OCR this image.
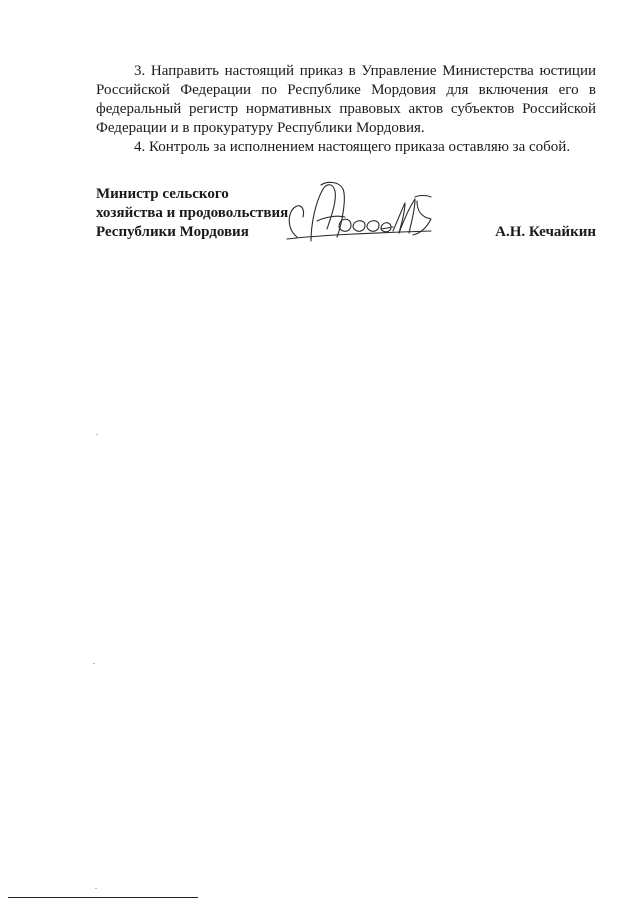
3. Направить настоящий приказ в Управление Министерства юстиции Российской Федерации по Республике Мордовия для включения его в федеральный регистр нормативных правовых актов субъектов Российской Федерации и в прокуратуру Республики Мордовия.

4. Контроль за исполнением настоящего приказа оставляю за собой.

Министр сельского
хозяйства и продовольствия
Республики Мордовия	А.Н. Кечайкин
